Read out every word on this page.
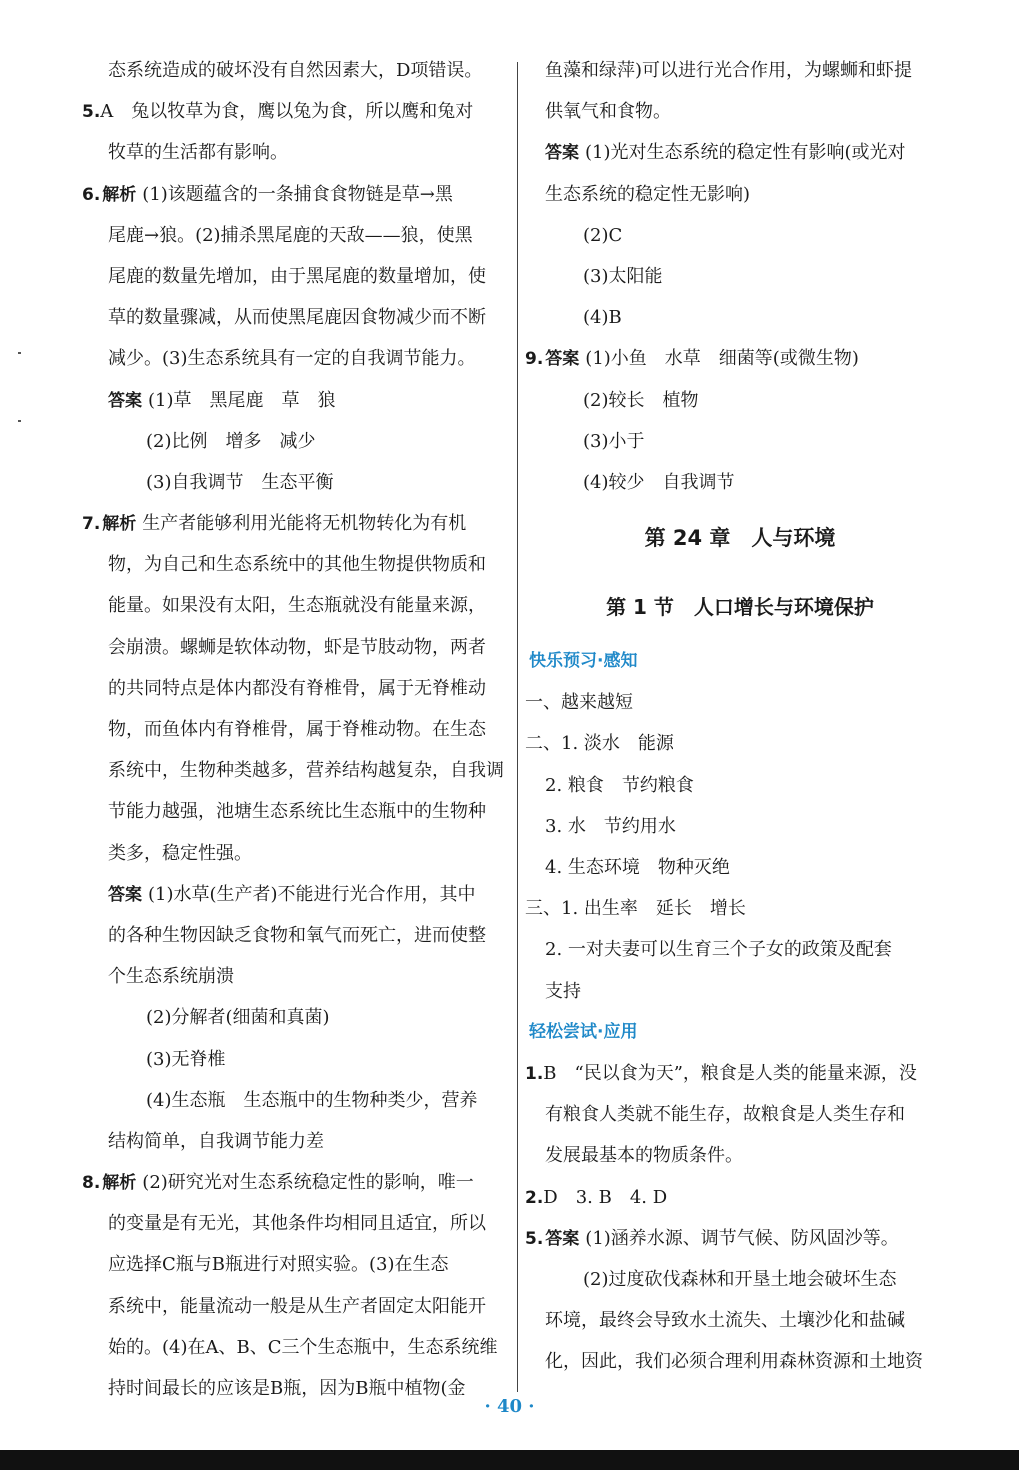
态系统造成的破坏没有自然因素大，D项错误。
5.A　兔以牧草为食，鹰以兔为食，所以鹰和兔对
牧草的生活都有影响。
6. 解析 (1)该题蕴含的一条捕食食物链是草→黑
尾鹿→狼。(2)捕杀黑尾鹿的天敌——狼，使黑
尾鹿的数量先增加，由于黑尾鹿的数量增加，使
草的数量骤减，从而使黑尾鹿因食物减少而不断
减少。(3)生态系统具有一定的自我调节能力。
答案 (1)草　黑尾鹿　草　狼
(2)比例　增多　减少
(3)自我调节　生态平衡
7. 解析 生产者能够利用光能将无机物转化为有机
物，为自己和生态系统中的其他生物提供物质和
能量。如果没有太阳，生态瓶就没有能量来源，
会崩溃。螺蛳是软体动物，虾是节肢动物，两者
的共同特点是体内都没有脊椎骨，属于无脊椎动
物，而鱼体内有脊椎骨，属于脊椎动物。在生态
系统中，生物种类越多，营养结构越复杂，自我调
节能力越强，池塘生态系统比生态瓶中的生物种
类多，稳定性强。
答案 (1)水草(生产者)不能进行光合作用，其中
的各种生物因缺乏食物和氧气而死亡，进而使整
个生态系统崩溃
(2)分解者(细菌和真菌)
(3)无脊椎
(4)生态瓶　生态瓶中的生物种类少，营养
结构简单，自我调节能力差
8. 解析 (2)研究光对生态系统稳定性的影响，唯一
的变量是有无光，其他条件均相同且适宜，所以
应选择C瓶与B瓶进行对照实验。(3)在生态
系统中，能量流动一般是从生产者固定太阳能开
始的。(4)在A、B、C三个生态瓶中，生态系统维
持时间最长的应该是B瓶，因为B瓶中植物(金
鱼藻和绿萍)可以进行光合作用，为螺蛳和虾提
供氧气和食物。
答案 (1)光对生态系统的稳定性有影响(或光对
生态系统的稳定性无影响)
(2)C
(3)太阳能
(4)B
9. 答案 (1)小鱼　水草　细菌等(或微生物)
(2)较长　植物
(3)小于
(4)较少　自我调节
第 24 章　人与环境
第 1 节　人口增长与环境保护
快乐预习·感知
一、越来越短
二、1. 淡水　能源
2. 粮食　节约粮食
3. 水　节约用水
4. 生态环境　物种灭绝
三、1. 出生率　延长　增长
2. 一对夫妻可以生育三个子女的政策及配套
支持
轻松尝试·应用
1.B　“民以食为天”，粮食是人类的能量来源，没
有粮食人类就不能生存，故粮食是人类生存和
发展最基本的物质条件。
2.D　3. B　4. D
5. 答案 (1)涵养水源、调节气候、防风固沙等。
(2)过度砍伐森林和开垦土地会破坏生态
环境，最终会导致水土流失、土壤沙化和盐碱
化，因此，我们必须合理利用森林资源和土地资
· 40 ·
